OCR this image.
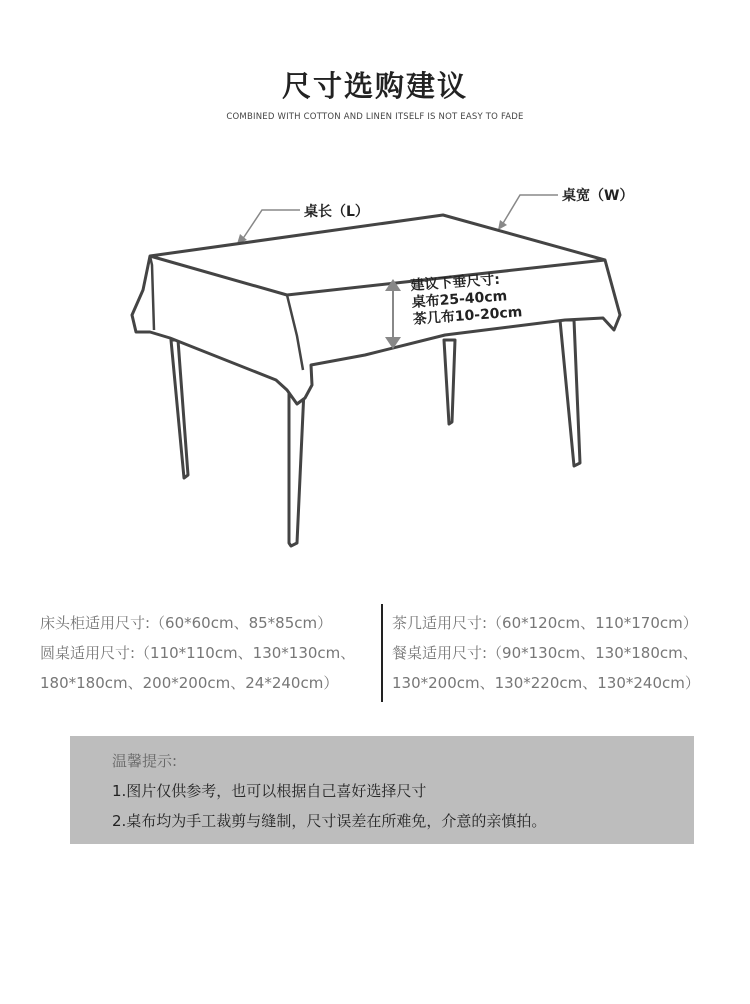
尺寸选购建议
COMBINED WITH COTTON AND LINEN ITSELF IS NOT EASY TO FADE
桌长（L）
桌宽（W）
建议下垂尺寸:
桌布25-40cm
茶几布10-20cm
床头柜适用尺寸:（60*60cm、85*85cm）
圆桌适用尺寸:（110*110cm、130*130cm、
180*180cm、200*200cm、24*240cm）
茶几适用尺寸:（60*120cm、110*170cm）
餐桌适用尺寸:（90*130cm、130*180cm、
130*200cm、130*220cm、130*240cm）
温馨提示:
1.图片仅供参考，也可以根据自己喜好选择尺寸
2.桌布均为手工裁剪与缝制，尺寸误差在所难免，介意的亲慎拍。
